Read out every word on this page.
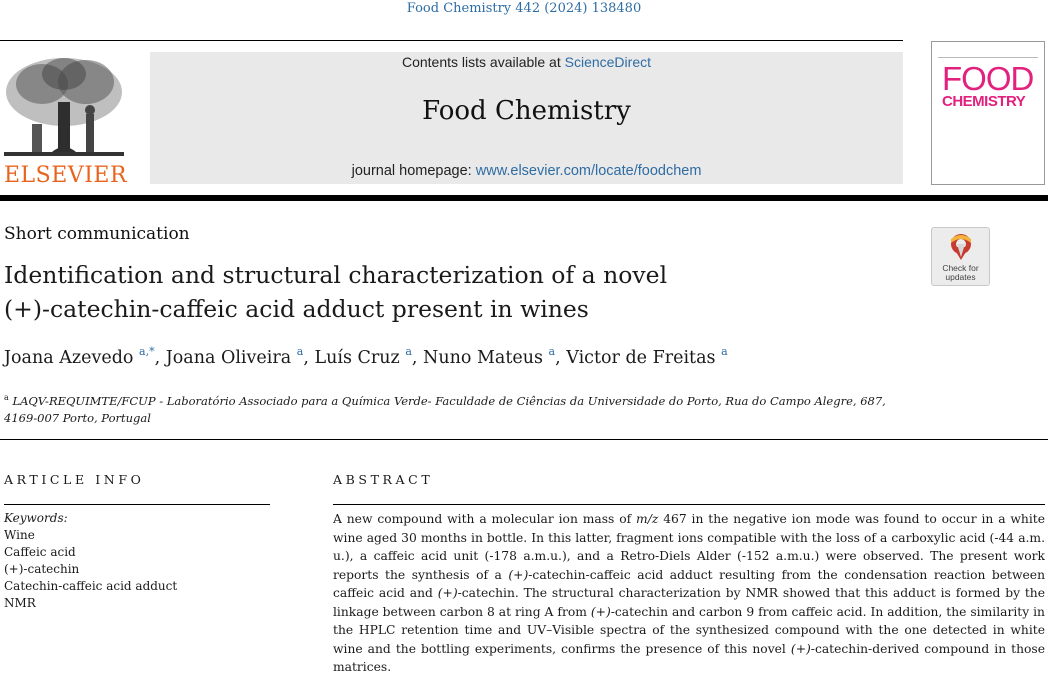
Food Chemistry 442 (2024) 138480
ELSEVIER
Contents lists available at ScienceDirect
Food Chemistry
journal homepage: www.elsevier.com/locate/foodchem
FOOD
CHEMISTRY
Short communication
Identification and structural characterization of a novel
(+)-catechin-caffeic acid adduct present in wines
Check for
updates
Joana Azevedo $^{a,*}$, Joana Oliveira $^a$, Luís Cruz $^a$, Nuno Mateus $^a$, Victor de Freitas $^a$
$^a$ LAQV-REQUIMTE/FCUP - Laboratório Associado para a Química Verde- Faculdade de Ciências da Universidade do Porto, Rua do Campo Alegre, 687, 4169-007 Porto, Portugal
ARTICLE INFO	ABSTRACT
Keywords:
Wine
Caffeic acid
(+)-catechin
Catechin-caffeic acid adduct
NMR
A new compound with a molecular ion mass of m/z 467 in the negative ion mode was found to occur in a white wine aged 30 months in bottle. In this latter, fragment ions compatible with the loss of a carboxylic acid (-44 a.m. u.), a caffeic acid unit (-178 a.m.u.), and a Retro-Diels Alder (-152 a.m.u.) were observed. The present work reports the synthesis of a (+)-catechin-caffeic acid adduct resulting from the condensation reaction between caffeic acid and (+)-catechin. The structural characterization by NMR showed that this adduct is formed by the linkage between carbon 8 at ring A from (+)-catechin and carbon 9 from caffeic acid. In addition, the similarity in the HPLC retention time and UV–Visible spectra of the synthesized compound with the one detected in white wine and the bottling experiments, confirms the presence of this novel (+)-catechin-derived compound in those matrices.
